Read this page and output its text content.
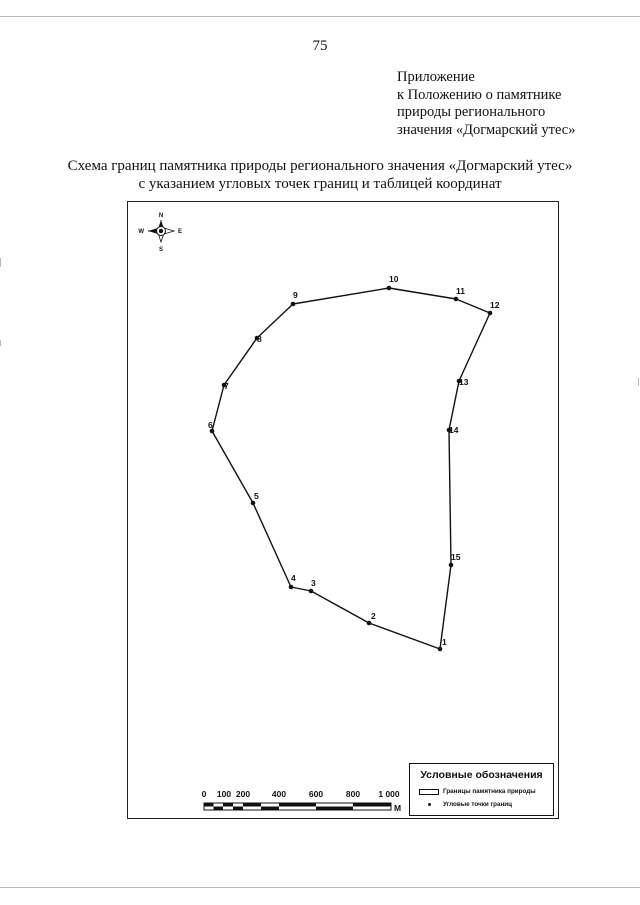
75
Приложение
к Положению о памятнике
природы регионального
значения «Догмарский утес»
Схема границ памятника природы регионального значения «Догмарский утес»
с указанием угловых точек границ и таблицей координат
N
S
E
W
1
2
3
4
5
6
7
8
9
10
11
12
13
14
15
0 100 200	400	600	800 1 000
М
Условные обозначения
Границы памятника природы
Угловые точки границ
